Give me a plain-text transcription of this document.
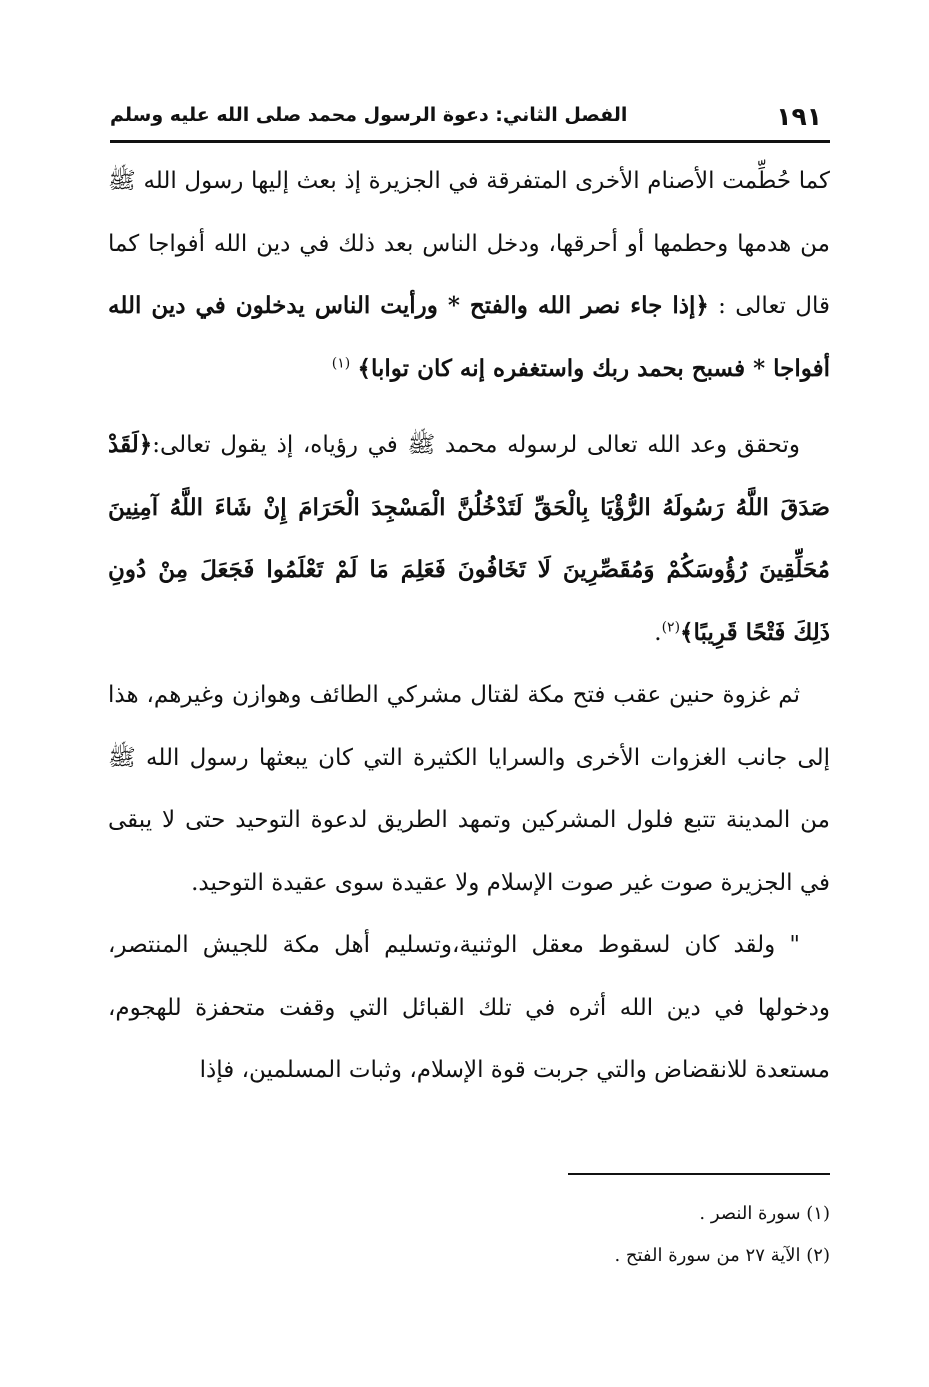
١٩١
الفصل الثاني: دعوة الرسول محمد صلى الله عليه وسلم

كما حُطِّمت الأصنام الأخرى المتفرقة في الجزيرة إذ بعث إليها رسول الله ﷺ من هدمها وحطمها أو أحرقها، ودخل الناس بعد ذلك في دين الله أفواجا كما قال تعالى : ﴿إذا جاء نصر الله والفتح * ورأيت الناس يدخلون في دين الله أفواجا * فسبح بحمد ربك واستغفره إنه كان توابا﴾ $^{(١)}$

وتحقق وعد الله تعالى لرسوله محمد ﷺ في رؤياه، إذ يقول تعالى:﴿لَقَدْ صَدَقَ اللَّهُ رَسُولَهُ الرُّؤْيَا بِالْحَقِّ لَتَدْخُلُنَّ الْمَسْجِدَ الْحَرَامَ إِنْ شَاءَ اللَّهُ آمِنِينَ مُحَلِّقِينَ رُؤُوسَكُمْ وَمُقَصِّرِينَ لَا تَخَافُونَ فَعَلِمَ مَا لَمْ تَعْلَمُوا فَجَعَلَ مِنْ دُونِ ذَلِكَ فَتْحًا قَرِيبًا﴾$^{(٢)}$.

ثم غزوة حنين عقب فتح مكة لقتال مشركي الطائف وهوازن وغيرهم، هذا إلى جانب الغزوات الأخرى والسرايا الكثيرة التي كان يبعثها رسول الله ﷺ من المدينة تتبع فلول المشركين وتمهد الطريق لدعوة التوحيد حتى لا يبقى في الجزيرة صوت غير صوت الإسلام ولا عقيدة سوى عقيدة التوحيد.

" ولقد كان لسقوط معقل الوثنية،وتسليم أهل مكة للجيش المنتصر، ودخولها في دين الله أثره في تلك القبائل التي وقفت متحفزة للهجوم، مستعدة للانقضاض والتي جربت قوة الإسلام، وثبات المسلمين، فإذا

(١) سورة النصر .

(٢) الآية ٢٧ من سورة الفتح .
